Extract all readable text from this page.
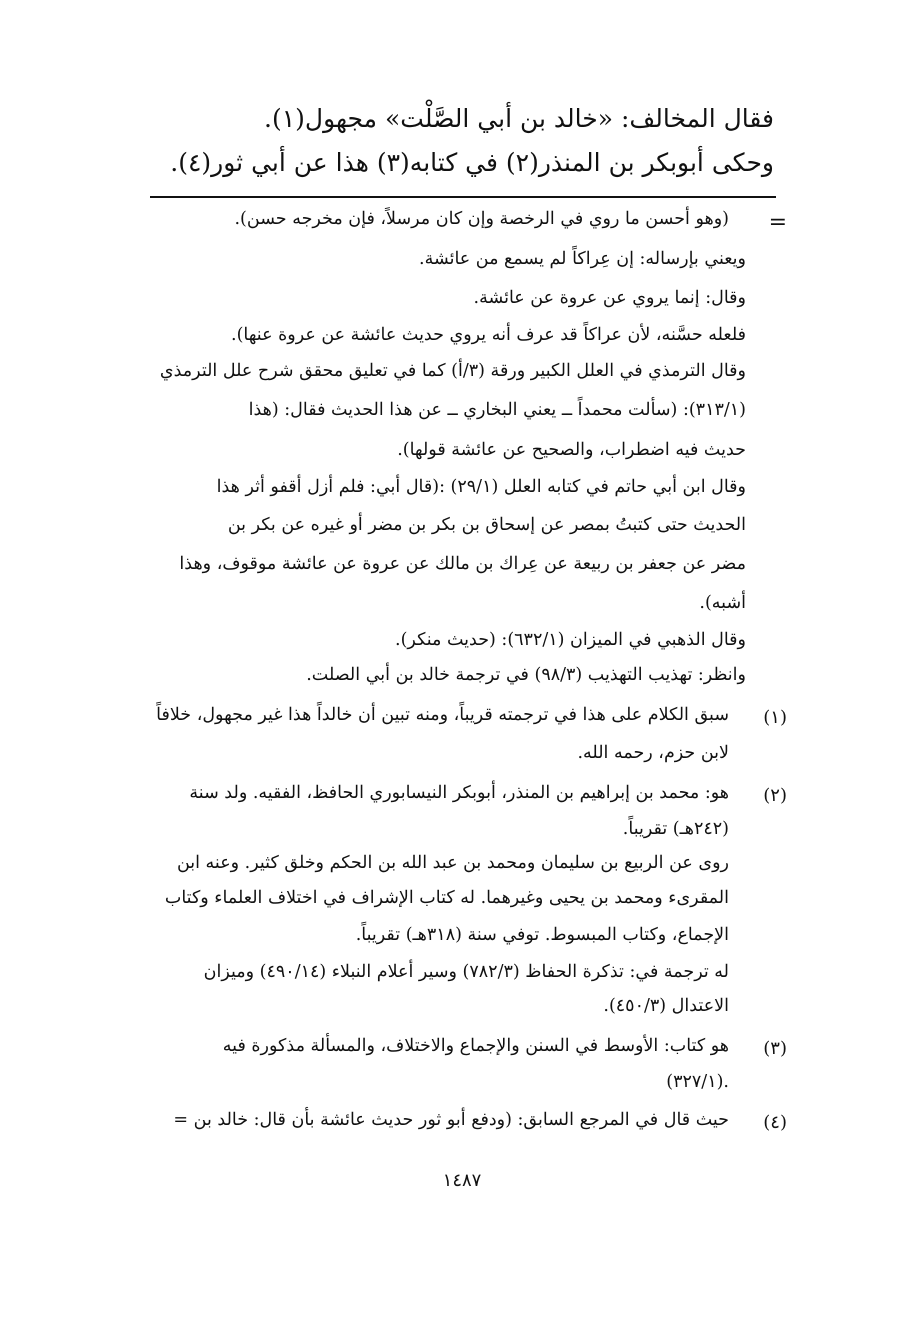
فقال المخالف: «خالد بن أبي الصَّلْت» مجهول(١).
وحكى أبوبكر بن المنذر(٢) في كتابه(٣) هذا عن أبي ثور(٤).
=
(وهو أحسن ما روي في الرخصة وإن كان مرسلاً، فإن مخرجه حسن).
ويعني بإرساله: إن عِراكاً لم يسمع من عائشة.
وقال: إنما يروي عن عروة عن عائشة.
فلعله حسَّنه، لأن عراكاً قد عرف أنه يروي حديث عائشة عن عروة عنها).
وقال الترمذي في العلل الكبير ورقة (٣/أ) كما في تعليق محقق شرح علل الترمذي
(٣١٣/١): (سألت محمداً ــ يعني البخاري ــ عن هذا الحديث فقال: (هذا
حديث فيه اضطراب، والصحيح عن عائشة قولها).
وقال ابن أبي حاتم في كتابه العلل (٢٩/١) :(قال أبي: فلم أزل أقفو أثر هذا
الحديث حتى كتبتُ بمصر عن إسحاق بن بكر بن مضر أو غيره عن بكر بن
مضر عن جعفر بن ربيعة عن عِراك بن مالك عن عروة عن عائشة موقوف، وهذا
أشبه).
وقال الذهبي في الميزان (٦٣٢/١): (حديث منكر).
وانظر: تهذيب التهذيب (٩٨/٣) في ترجمة خالد بن أبي الصلت.
(١)
سبق الكلام على هذا في ترجمته قريباً، ومنه تبين أن خالداً هذا غير مجهول، خلافاً
لابن حزم، رحمه الله.
(٢)
هو: محمد بن إبراهيم بن المنذر، أبوبكر النيسابوري الحافظ، الفقيه. ولد سنة
(٢٤٢هـ) تقريباً.
روى عن الربيع بن سليمان ومحمد بن عبد الله بن الحكم وخلق كثير. وعنه ابن
المقرىء ومحمد بن يحيى وغيرهما. له كتاب الإشراف في اختلاف العلماء وكتاب
الإجماع، وكتاب المبسوط. توفي سنة (٣١٨هـ) تقريباً.
له ترجمة في: تذكرة الحفاظ (٧٨٢/٣) وسير أعلام النبلاء (٤٩٠/١٤) وميزان
الاعتدال (٤٥٠/٣).
(٣)
هو كتاب: الأوسط في السنن والإجماع والاختلاف، والمسألة مذكورة فيه
(٣٢٧/١).
(٤)
حيث قال في المرجع السابق: (ودفع أبو ثور حديث عائشة بأن قال: خالد بن =
١٤٨٧
